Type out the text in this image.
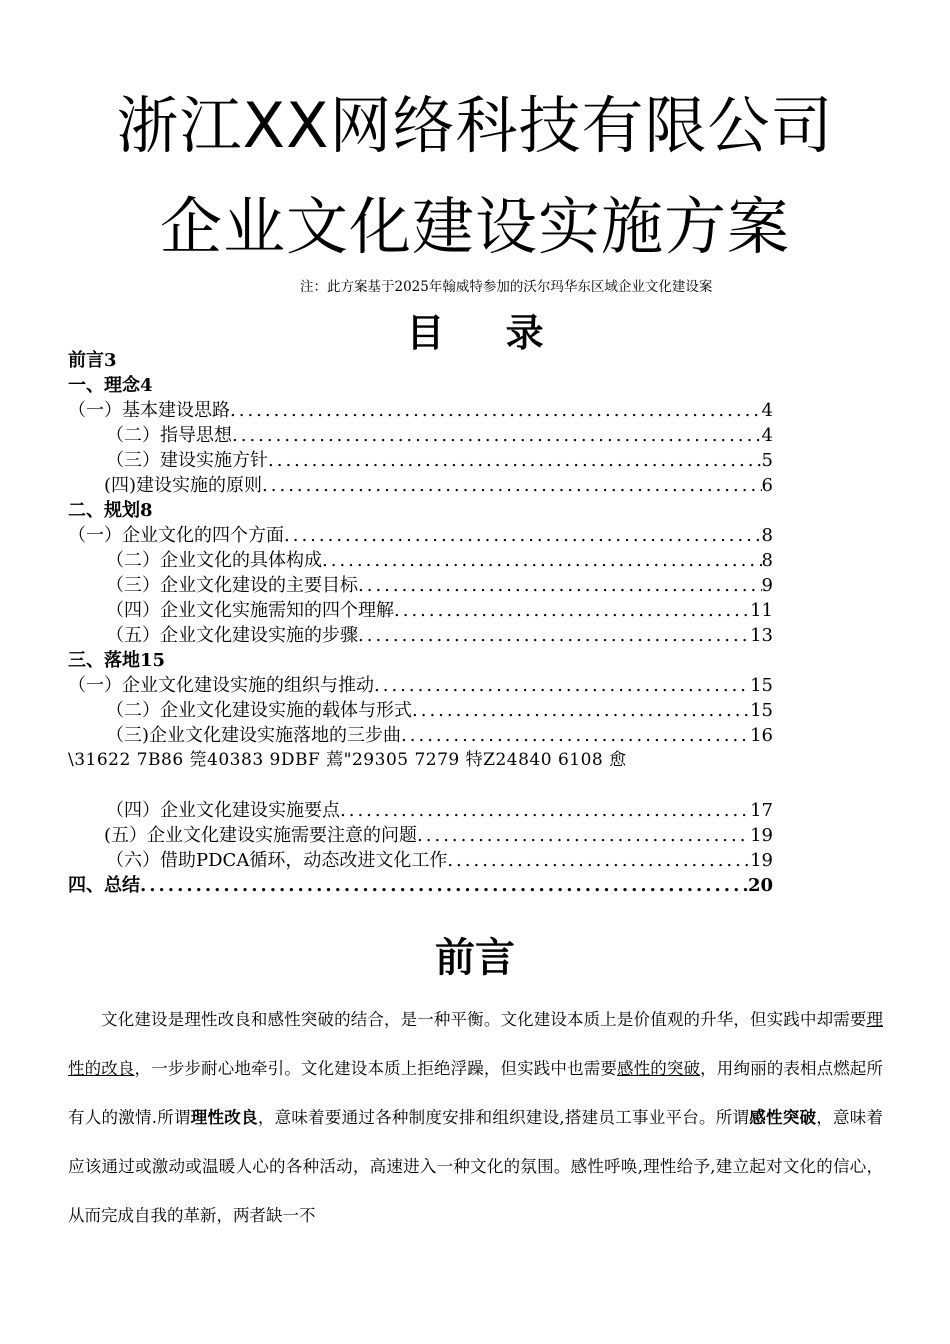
浙江XX网络科技有限公司
企业文化建设实施方案
注：此方案基于2025年翰威特参加的沃尔玛华东区域企业文化建设案
目 录
前言3
一、理念4
（一）基本建设思路 .....	4
（二）指导思想 .....	4
（三）建设实施方针 .....	5
(四)建设实施的原则 .....	6
二、规划8
（一）企业文化的四个方面 .....	8
（二）企业文化的具体构成 .....	8
（三）企业文化建设的主要目标 .....	9
（四）企业文化实施需知的四个理解 .....	11
（五）企业文化建设实施的步骤 .....	13
三、落地15
（一）企业文化建设实施的组织与推动 .....	15
（二）企业文化建设实施的载体与形式 .....	15
（三)企业文化建设实施落地的三步曲 .....	16
\31622 7B86 筦40383 9DBF 蔫"29305 7279 特Z24840 6108 愈
（四）企业文化建设实施要点 .....	17
(五）企业文化建设实施需要注意的问题 .....	19
（六）借助PDCA循环，动态改进文化工作 .....	19
四、总结 .....	20
前言
文化建设是理性改良和感性突破的结合，是一种平衡。文化建设本质上是价值观的升华，但实践中却需要理性的改良，一步步耐心地牵引。文化建设本质上拒绝浮躁，但实践中也需要感性的突破，用绚丽的表相点燃起所有人的激情.所谓理性改良，意味着要通过各种制度安排和组织建设,搭建员工事业平台。所谓感性突破，意味着应该通过或激动或温暖人心的各种活动，高速进入一种文化的氛围。感性呼唤,理性给予,建立起对文化的信心，从而完成自我的革新，两者缺一不
